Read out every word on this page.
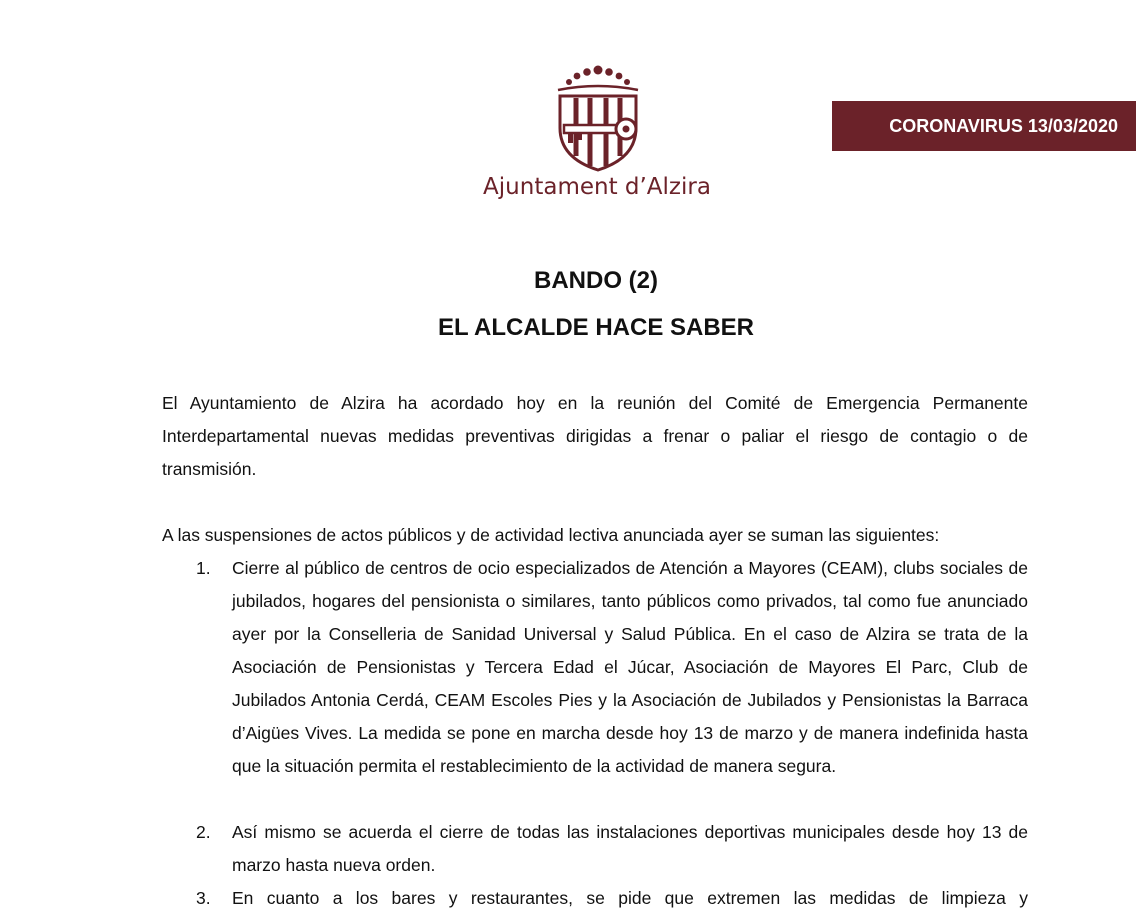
Ajuntament d’Alzira
CORONAVIRUS 13/03/2020
BANDO (2)
EL ALCALDE HACE SABER

El Ayuntamiento de Alzira ha acordado hoy en la reunión del Comité de Emergencia Permanente Interdepartamental nuevas medidas preventivas dirigidas a frenar o paliar el riesgo de contagio o de transmisión.

A las suspensiones de actos públicos y de actividad lectiva anunciada ayer se suman las siguientes:
1.	Cierre al público de centros de ocio especializados de Atención a Mayores (CEAM), clubs sociales de jubilados, hogares del pensionista o similares, tanto públicos como privados, tal como fue anunciado ayer por la Conselleria de Sanidad Universal y Salud Pública. En el caso de Alzira se trata de la Asociación de Pensionistas y Tercera Edad el Júcar, Asociación de Mayores El Parc, Club de Jubilados Antonia Cerdá, CEAM Escoles Pies y la Asociación de Jubilados y Pensionistas la Barraca d’Aigües Vives. La medida se pone en marcha desde hoy 13 de marzo y de manera indefinida hasta que la situación permita el restablecimiento de la actividad de manera segura.
2.	Así mismo se acuerda el cierre de todas las instalaciones deportivas municipales desde hoy 13 de marzo hasta nueva orden.
3.	En cuanto a los bares y restaurantes, se pide que extremen las medidas de limpieza y
